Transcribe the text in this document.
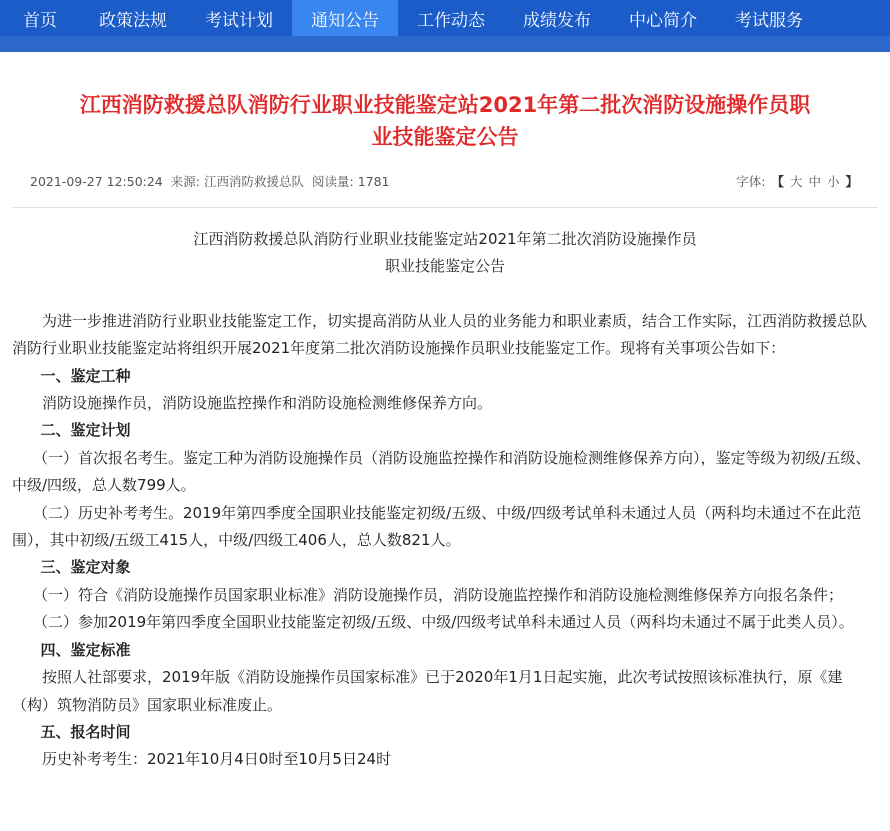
首页	政策法规	考试计划	通知公告	工作动态	成绩发布	中心简介	考试服务
江西消防救援总队消防行业职业技能鉴定站2021年第二批次消防设施操作员职
业技能鉴定公告
2021-09-27 12:50:24 来源: 江西消防救援总队 阅读量: 1781	字体: 【 大 中 小 】

江西消防救援总队消防行业职业技能鉴定站2021年第二批次消防设施操作员

职业技能鉴定公告

为进一步推进消防行业职业技能鉴定工作，切实提高消防从业人员的业务能力和职业素质，结合工作实际，江西消防救援总队消防行业职业技能鉴定站将组织开展2021年度第二批次消防设施操作员职业技能鉴定工作。现将有关事项公告如下：

一、鉴定工种

消防设施操作员，消防设施监控操作和消防设施检测维修保养方向。

二、鉴定计划

（一）首次报名考生。鉴定工种为消防设施操作员（消防设施监控操作和消防设施检测维修保养方向），鉴定等级为初级/五级、中级/四级，总人数799人。

（二）历史补考考生。2019年第四季度全国职业技能鉴定初级/五级、中级/四级考试单科未通过人员（两科均未通过不在此范围），其中初级/五级工415人，中级/四级工406人，总人数821人。

三、鉴定对象

（一）符合《消防设施操作员国家职业标准》消防设施操作员，消防设施监控操作和消防设施检测维修保养方向报名条件；

（二）参加2019年第四季度全国职业技能鉴定初级/五级、中级/四级考试单科未通过人员（两科均未通过不属于此类人员）。

四、鉴定标准

按照人社部要求，2019年版《消防设施操作员国家标准》已于2020年1月1日起实施，此次考试按照该标准执行，原《建（构）筑物消防员》国家职业标准废止。

五、报名时间

历史补考考生：2021年10月4日0时至10月5日24时
